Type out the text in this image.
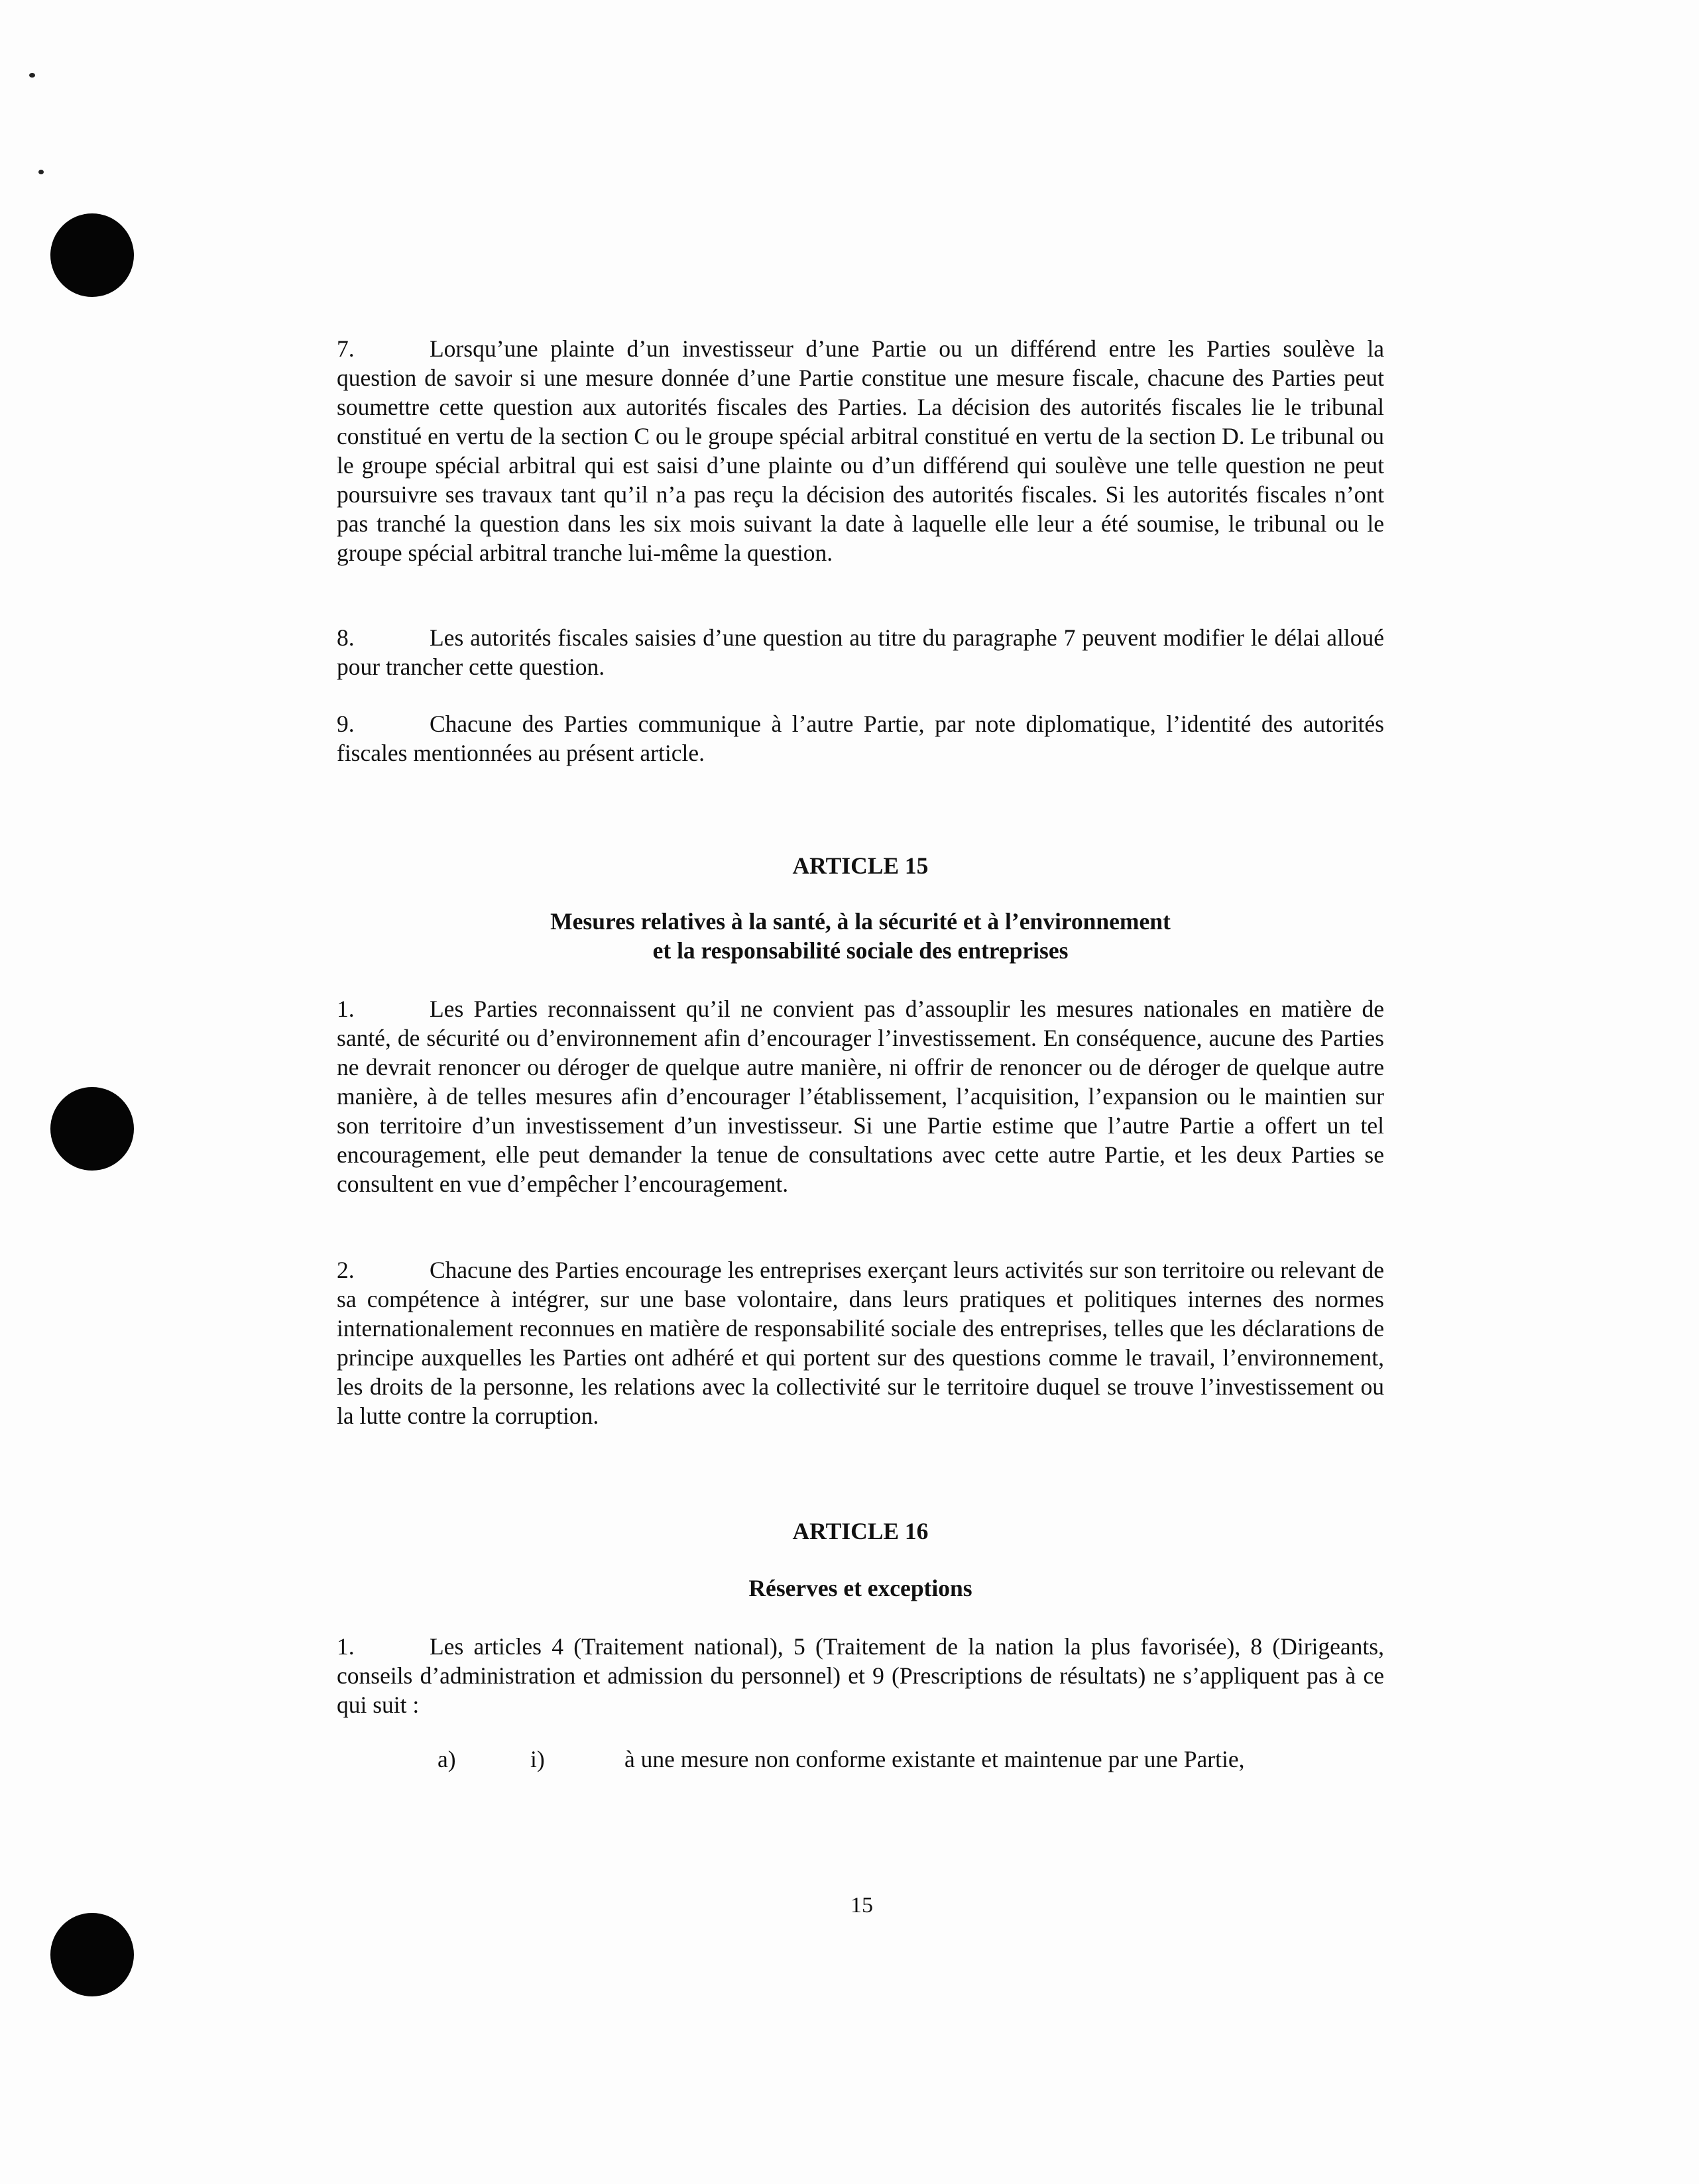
7.	Lorsqu’une plainte d’un investisseur d’une Partie ou un différend entre les Parties soulève la question de savoir si une mesure donnée d’une Partie constitue une mesure fiscale, chacune des Parties peut soumettre cette question aux autorités fiscales des Parties. La décision des autorités fiscales lie le tribunal constitué en vertu de la section C ou le groupe spécial arbitral constitué en vertu de la section D. Le tribunal ou le groupe spécial arbitral qui est saisi d’une plainte ou d’un différend qui soulève une telle question ne peut poursuivre ses travaux tant qu’il n’a pas reçu la décision des autorités fiscales. Si les autorités fiscales n’ont pas tranché la question dans les six mois suivant la date à laquelle elle leur a été soumise, le tribunal ou le groupe spécial arbitral tranche lui-même la question.
8.	Les autorités fiscales saisies d’une question au titre du paragraphe 7 peuvent modifier le délai alloué pour trancher cette question.
9.	Chacune des Parties communique à l’autre Partie, par note diplomatique, l’identité des autorités fiscales mentionnées au présent article.
ARTICLE 15
Mesures relatives à la santé, à la sécurité et à l’environnement
et la responsabilité sociale des entreprises
1.	Les Parties reconnaissent qu’il ne convient pas d’assouplir les mesures nationales en matière de santé, de sécurité ou d’environnement afin d’encourager l’investissement. En conséquence, aucune des Parties ne devrait renoncer ou déroger de quelque autre manière, ni offrir de renoncer ou de déroger de quelque autre manière, à de telles mesures afin d’encourager l’établissement, l’acquisition, l’expansion ou le maintien sur son territoire d’un investissement d’un investisseur. Si une Partie estime que l’autre Partie a offert un tel encouragement, elle peut demander la tenue de consultations avec cette autre Partie, et les deux Parties se consultent en vue d’empêcher l’encouragement.
2.	Chacune des Parties encourage les entreprises exerçant leurs activités sur son territoire ou relevant de sa compétence à intégrer, sur une base volontaire, dans leurs pratiques et politiques internes des normes internationalement reconnues en matière de responsabilité sociale des entreprises, telles que les déclarations de principe auxquelles les Parties ont adhéré et qui portent sur des questions comme le travail, l’environnement, les droits de la personne, les relations avec la collectivité sur le territoire duquel se trouve l’investissement ou la lutte contre la corruption.
ARTICLE 16
Réserves et exceptions
1.	Les articles 4 (Traitement national), 5 (Traitement de la nation la plus favorisée), 8 (Dirigeants, conseils d’administration et admission du personnel) et 9 (Prescriptions de résultats) ne s’appliquent pas à ce qui suit :
a)	i)	à une mesure non conforme existante et maintenue par une Partie,
15
